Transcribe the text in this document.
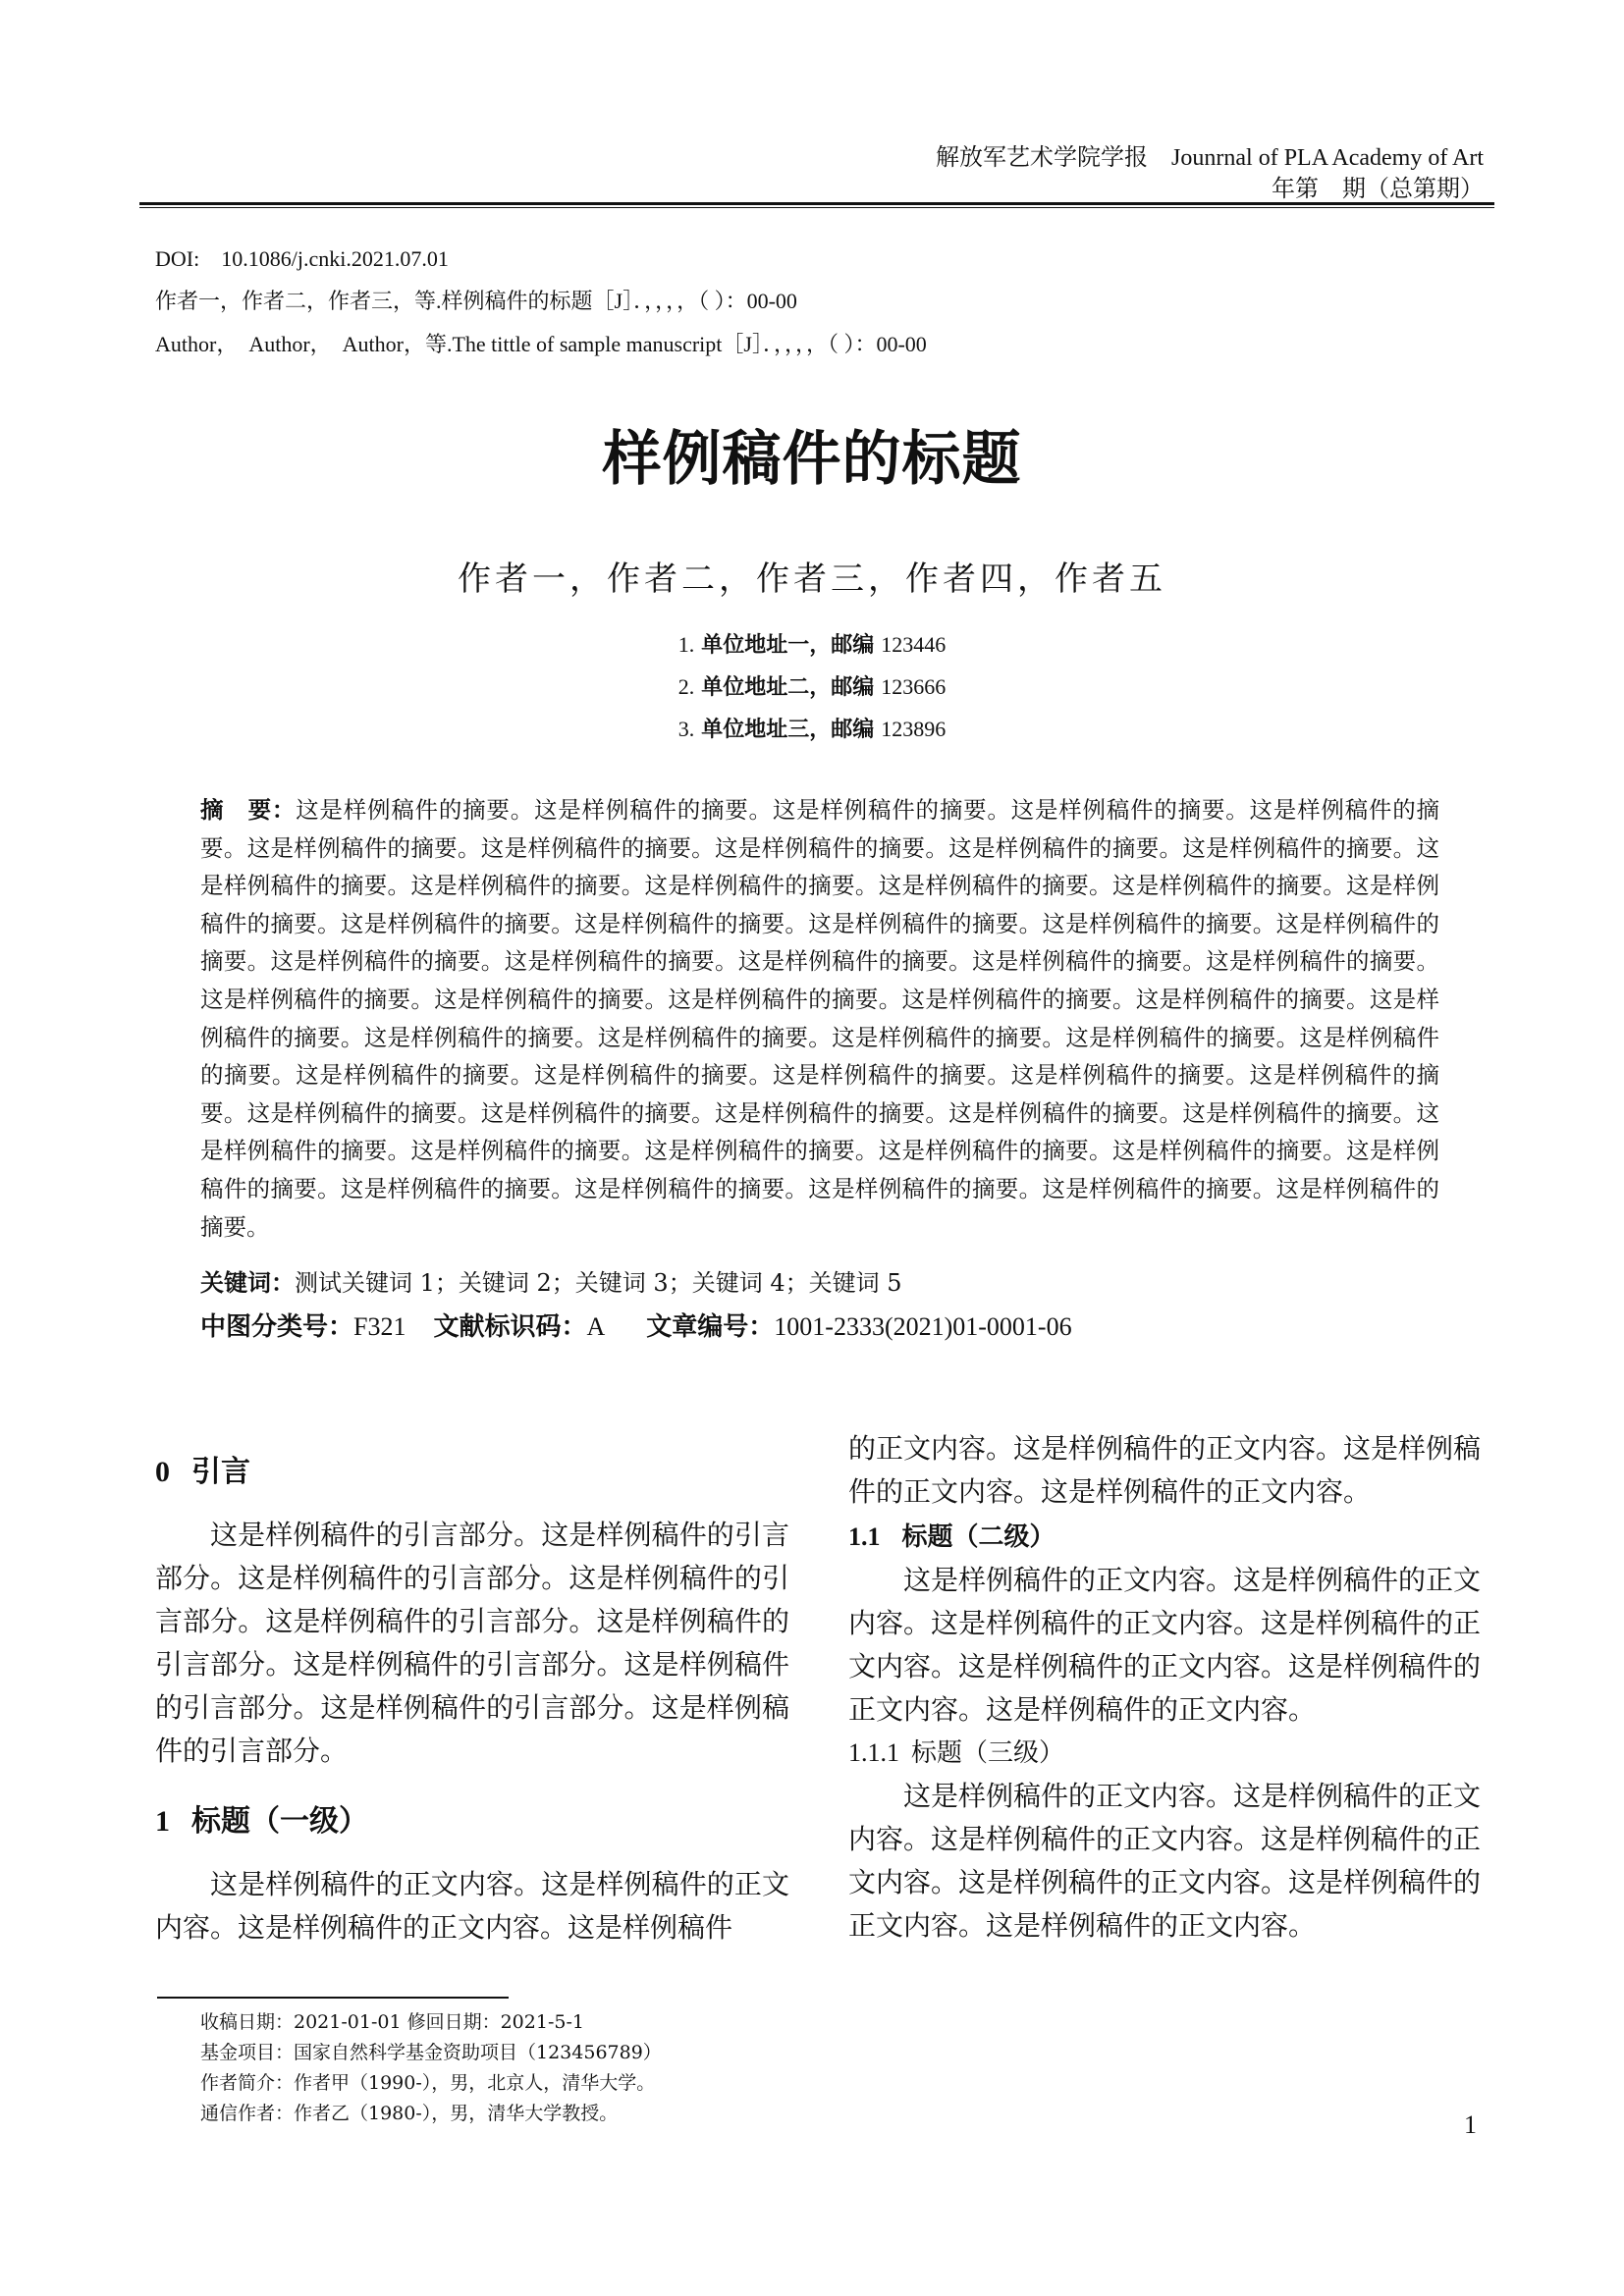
解放军艺术学院学报　Jounrnal of PLA Academy of Art
年第　期（总第期）
DOI:　10.1086/j.cnki.2021.07.01
作者一，作者二，作者三，等.样例稿件的标题［J］．，，，，（ ）：00-00
Author，　Author，　Author，等.The tittle of sample manuscript［J］．，，，，（ ）：00-00
样例稿件的标题
作者一，作者二，作者三，作者四，作者五
1. 单位地址一，邮编 123446
2. 单位地址二，邮编 123666
3. 单位地址三，邮编 123896
摘　要：这是样例稿件的摘要。这是样例稿件的摘要。这是样例稿件的摘要。这是样例稿件的摘要。这是样例稿件的摘要。这是样例稿件的摘要。这是样例稿件的摘要。这是样例稿件的摘要。这是样例稿件的摘要。这是样例稿件的摘要。这是样例稿件的摘要。这是样例稿件的摘要。这是样例稿件的摘要。这是样例稿件的摘要。这是样例稿件的摘要。这是样例稿件的摘要。这是样例稿件的摘要。这是样例稿件的摘要。这是样例稿件的摘要。这是样例稿件的摘要。这是样例稿件的摘要。这是样例稿件的摘要。这是样例稿件的摘要。这是样例稿件的摘要。这是样例稿件的摘要。这是样例稿件的摘要。这是样例稿件的摘要。这是样例稿件的摘要。这是样例稿件的摘要。这是样例稿件的摘要。这是样例稿件的摘要。这是样例稿件的摘要。这是样例稿件的摘要。这是样例稿件的摘要。这是样例稿件的摘要。这是样例稿件的摘要。这是样例稿件的摘要。这是样例稿件的摘要。这是样例稿件的摘要。这是样例稿件的摘要。这是样例稿件的摘要。这是样例稿件的摘要。这是样例稿件的摘要。这是样例稿件的摘要。这是样例稿件的摘要。这是样例稿件的摘要。这是样例稿件的摘要。这是样例稿件的摘要。这是样例稿件的摘要。这是样例稿件的摘要。这是样例稿件的摘要。这是样例稿件的摘要。这是样例稿件的摘要。这是样例稿件的摘要。这是样例稿件的摘要。这是样例稿件的摘要。这是样例稿件的摘要。这是样例稿件的摘要。
关键词：测试关键词 1；关键词 2；关键词 3；关键词 4；关键词 5
中图分类号：F321 文献标识码：A 文章编号：1001-2333(2021)01-0001-06
0 引言

这是样例稿件的引言部分。这是样例稿件的引言部分。这是样例稿件的引言部分。这是样例稿件的引言部分。这是样例稿件的引言部分。这是样例稿件的引言部分。这是样例稿件的引言部分。这是样例稿件的引言部分。这是样例稿件的引言部分。这是样例稿件的引言部分。

1 标题（一级）

这是样例稿件的正文内容。这是样例稿件的正文内容。这是样例稿件的正文内容。这是样例稿件

的正文内容。这是样例稿件的正文内容。这是样例稿件的正文内容。这是样例稿件的正文内容。

1.1 标题（二级）

这是样例稿件的正文内容。这是样例稿件的正文内容。这是样例稿件的正文内容。这是样例稿件的正文内容。这是样例稿件的正文内容。这是样例稿件的正文内容。这是样例稿件的正文内容。

1.1.1 标题（三级）

这是样例稿件的正文内容。这是样例稿件的正文内容。这是样例稿件的正文内容。这是样例稿件的正文内容。这是样例稿件的正文内容。这是样例稿件的正文内容。这是样例稿件的正文内容。

收稿日期：2021-01-01 修回日期：2021-5-1
基金项目：国家自然科学基金资助项目（123456789）
作者简介：作者甲（1990-），男，北京人，清华大学。
通信作者：作者乙（1980-），男，清华大学教授。	1
